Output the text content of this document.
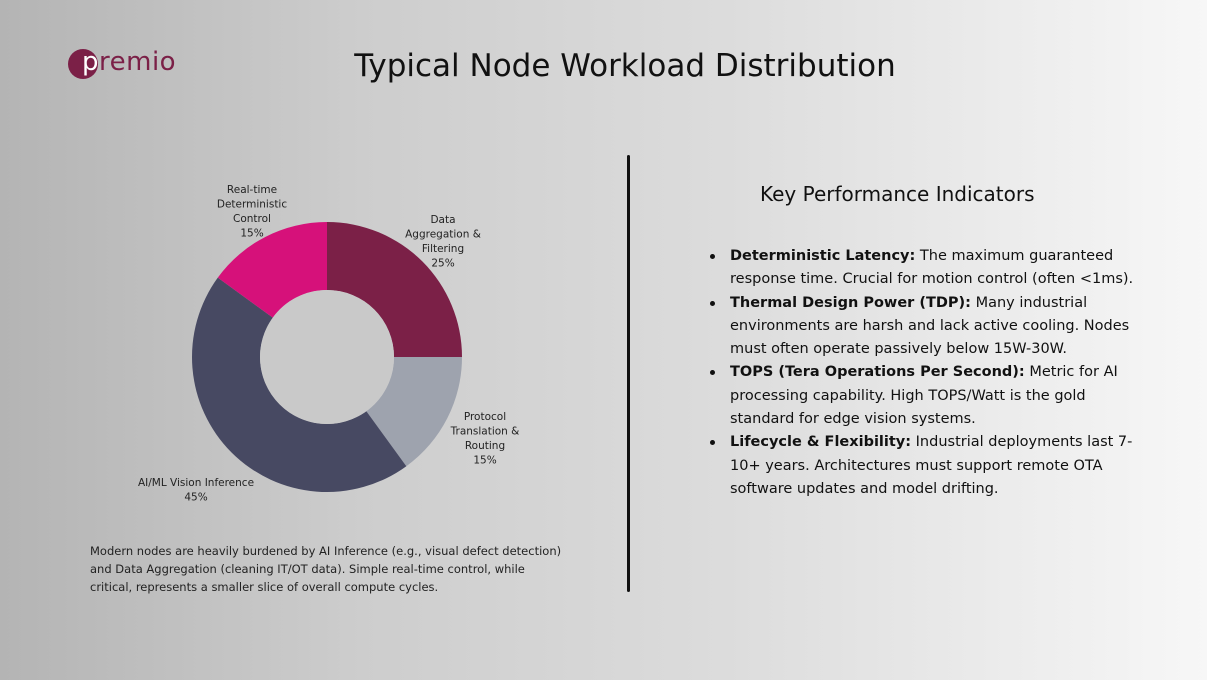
premio	Typical Node Workload Distribution
Data Aggregation & Filtering 25%
Protocol Translation & Routing 15%
AI/ML Vision Inference 45%
Real-time Deterministic Control 15%
Modern nodes are heavily burdened by AI Inference (e.g., visual defect detection) and Data Aggregation (cleaning IT/OT data). Simple real-time control, while critical, represents a smaller slice of overall compute cycles.
Key Performance Indicators
Deterministic Latency: The maximum guaranteed response time. Crucial for motion control (often <1ms).
Thermal Design Power (TDP): Many industrial environments are harsh and lack active cooling. Nodes must often operate passively below 15W-30W.
TOPS (Tera Operations Per Second): Metric for AI processing capability. High TOPS/Watt is the gold standard for edge vision systems.
Lifecycle & Flexibility: Industrial deployments last 7-10+ years. Architectures must support remote OTA software updates and model drifting.
